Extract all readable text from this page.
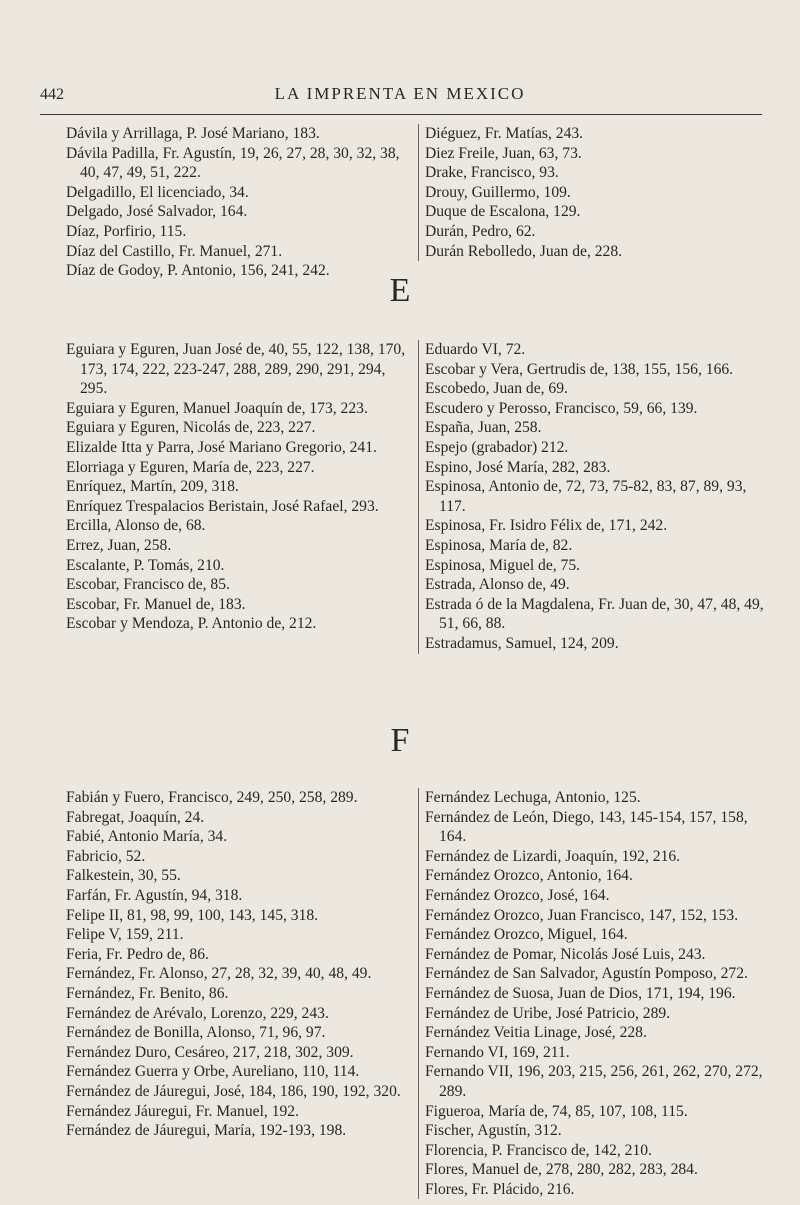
442	LA IMPRENTA EN MEXICO

Dávila y Arrillaga, P. José Mariano, 183.

Dávila Padilla, Fr. Agustín, 19, 26, 27, 28, 30, 32, 38, 40, 47, 49, 51, 222.

Delgadillo, El licenciado, 34.

Delgado, José Salvador, 164.

Díaz, Porfirio, 115.

Díaz del Castillo, Fr. Manuel, 271.

Díaz de Godoy, P. Antonio, 156, 241, 242.

Diéguez, Fr. Matías, 243.

Diez Freile, Juan, 63, 73.

Drake, Francisco, 93.

Drouy, Guillermo, 109.

Duque de Escalona, 129.

Durán, Pedro, 62.

Durán Rebolledo, Juan de, 228.

E

Eguiara y Eguren, Juan José de, 40, 55, 122, 138, 170, 173, 174, 222, 223-247, 288, 289, 290, 291, 294, 295.

Eguiara y Eguren, Manuel Joaquín de, 173, 223.

Eguiara y Eguren, Nicolás de, 223, 227.

Elizalde Itta y Parra, José Mariano Gregorio, 241.

Elorriaga y Eguren, María de, 223, 227.

Enríquez, Martín, 209, 318.

Enríquez Trespalacios Beristain, José Rafael, 293.

Ercilla, Alonso de, 68.

Errez, Juan, 258.

Escalante, P. Tomás, 210.

Escobar, Francisco de, 85.

Escobar, Fr. Manuel de, 183.

Escobar y Mendoza, P. Antonio de, 212.

Eduardo VI, 72.

Escobar y Vera, Gertrudis de, 138, 155, 156, 166.

Escobedo, Juan de, 69.

Escudero y Perosso, Francisco, 59, 66, 139.

España, Juan, 258.

Espejo (grabador) 212.

Espino, José María, 282, 283.

Espinosa, Antonio de, 72, 73, 75-82, 83, 87, 89, 93, 117.

Espinosa, Fr. Isidro Félix de, 171, 242.

Espinosa, María de, 82.

Espinosa, Miguel de, 75.

Estrada, Alonso de, 49.

Estrada ó de la Magdalena, Fr. Juan de, 30, 47, 48, 49, 51, 66, 88.

Estradamus, Samuel, 124, 209.

F

Fabián y Fuero, Francisco, 249, 250, 258, 289.

Fabregat, Joaquín, 24.

Fabié, Antonio María, 34.

Fabricio, 52.

Falkestein, 30, 55.

Farfán, Fr. Agustín, 94, 318.

Felipe II, 81, 98, 99, 100, 143, 145, 318.

Felipe V, 159, 211.

Feria, Fr. Pedro de, 86.

Fernández, Fr. Alonso, 27, 28, 32, 39, 40, 48, 49.

Fernández, Fr. Benito, 86.

Fernández de Arévalo, Lorenzo, 229, 243.

Fernández de Bonilla, Alonso, 71, 96, 97.

Fernández Duro, Cesáreo, 217, 218, 302, 309.

Fernández Guerra y Orbe, Aureliano, 110, 114.

Fernández de Jáuregui, José, 184, 186, 190, 192, 320.

Fernández Jáuregui, Fr. Manuel, 192.

Fernández de Jáuregui, María, 192-193, 198.

Fernández Lechuga, Antonio, 125.

Fernández de León, Diego, 143, 145-154, 157, 158, 164.

Fernández de Lizardi, Joaquín, 192, 216.

Fernández Orozco, Antonio, 164.

Fernández Orozco, José, 164.

Fernández Orozco, Juan Francisco, 147, 152, 153.

Fernández Orozco, Miguel, 164.

Fernández de Pomar, Nicolás José Luis, 243.

Fernández de San Salvador, Agustín Pomposo, 272.

Fernández de Suosa, Juan de Dios, 171, 194, 196.

Fernández de Uribe, José Patricio, 289.

Fernández Veitia Linage, José, 228.

Fernando VI, 169, 211.

Fernando VII, 196, 203, 215, 256, 261, 262, 270, 272, 289.

Figueroa, María de, 74, 85, 107, 108, 115.

Fischer, Agustín, 312.

Florencia, P. Francisco de, 142, 210.

Flores, Manuel de, 278, 280, 282, 283, 284.

Flores, Fr. Plácido, 216.
